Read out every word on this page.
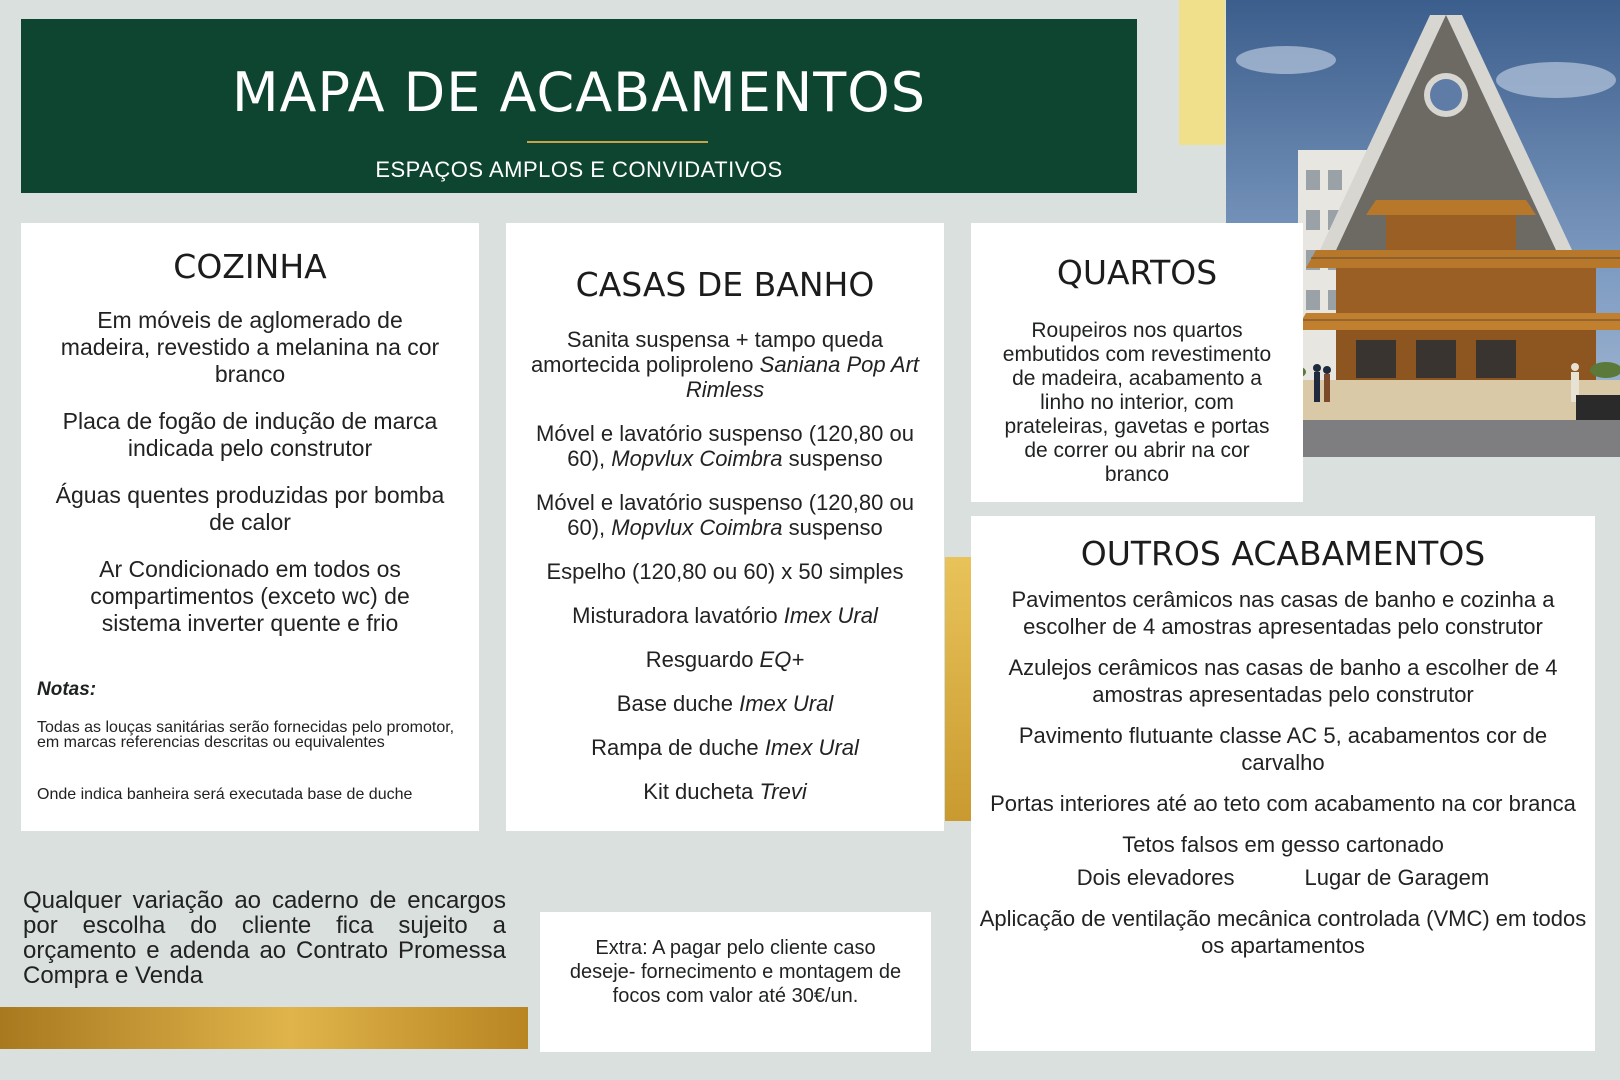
MAPA DE ACABAMENTOS
ESPAÇOS AMPLOS E CONVIDATIVOS
COZINHA
Em móveis de aglomerado de madeira, revestido a melanina na cor branco
Placa de fogão de indução de marca indicada pelo construtor
Águas quentes produzidas por bomba de calor
Ar Condicionado em todos os compartimentos (exceto wc) de sistema inverter quente e frio
Notas:
Todas as louças sanitárias serão fornecidas pelo promotor, em marcas referencias descritas ou equivalentes
Onde indica banheira será executada base de duche
CASAS DE BANHO
Sanita suspensa + tampo queda amortecida poliproleno Saniana Pop Art Rimless
Móvel e lavatório suspenso (120,80 ou 60), Mopvlux Coimbra suspenso
Móvel e lavatório suspenso (120,80 ou 60), Mopvlux Coimbra suspenso
Espelho (120,80 ou 60) x 50 simples
Misturadora lavatório Imex Ural
Resguardo EQ+
Base duche Imex Ural
Rampa de duche Imex Ural
Kit ducheta Trevi
QUARTOS
Roupeiros nos quartos embutidos com revestimento de madeira, acabamento a linho no interior, com prateleiras, gavetas e portas de correr ou abrir na cor branco
OUTROS ACABAMENTOS
Pavimentos cerâmicos nas casas de banho e cozinha a escolher de 4 amostras apresentadas pelo construtor
Azulejos cerâmicos nas casas de banho a escolher de 4 amostras apresentadas pelo construtor
Pavimento flutuante classe AC 5, acabamentos cor de carvalho
Portas interiores até ao teto com acabamento na cor branca
Tetos falsos em gesso cartonado
Dois elevadores	Lugar de Garagem
Aplicação de ventilação mecânica controlada (VMC) em todos os apartamentos
Qualquer variação ao caderno de encargos por escolha do cliente fica sujeito a orçamento e adenda ao Contrato Promessa Compra e Venda
Extra: A pagar pelo cliente caso deseje- fornecimento e montagem de focos com valor até 30€/un.
